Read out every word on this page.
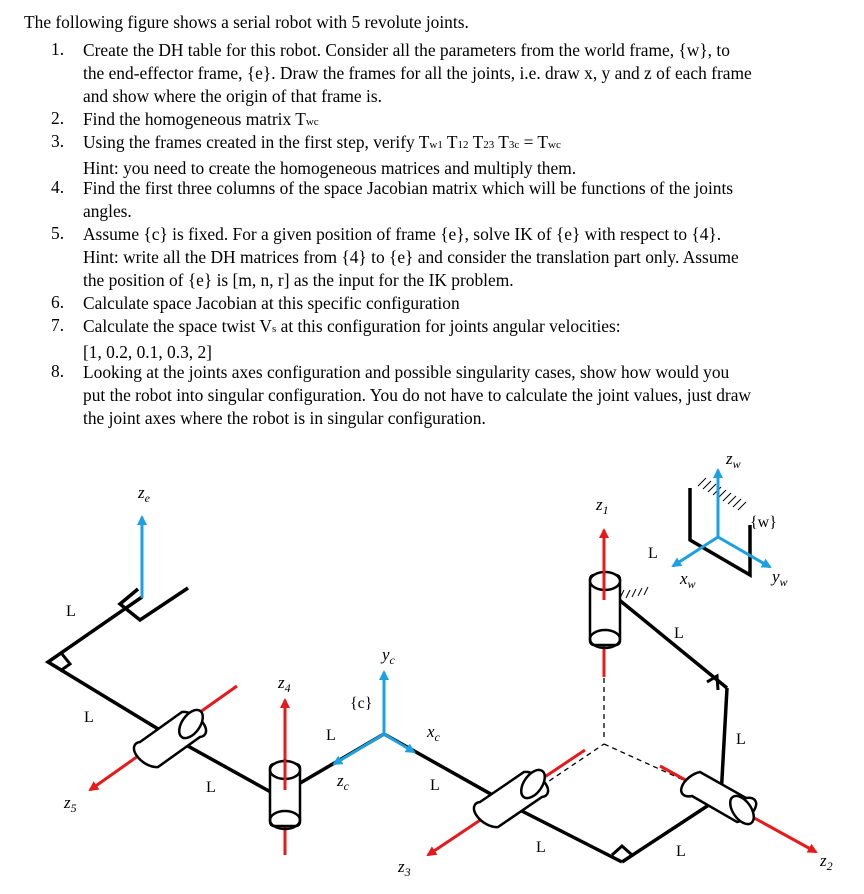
The following figure shows a serial robot with 5 revolute joints.
1.	Create the DH table for this robot. Consider all the parameters from the world frame, {w}, to
the end-effector frame, {e}. Draw the frames for all the joints, i.e. draw x, y and z of each frame
and show where the origin of that frame is.
2.	Find the homogeneous matrix Twc
3.	Using the frames created in the first step, verify Tw1 T12 T23 T3c = Twc
Hint: you need to create the homogeneous matrices and multiply them.
4.	Find the first three columns of the space Jacobian matrix which will be functions of the joints
angles.
5.	Assume {c} is fixed. For a given position of frame {e}, solve IK of {e} with respect to {4}.
Hint: write all the DH matrices from {4} to {e} and consider the translation part only. Assume
the position of {e} is [m, n, r] as the input for the IK problem.
6.	Calculate space Jacobian at this specific configuration
7.	Calculate the space twist Vs at this configuration for joints angular velocities:
[1, 0.2, 0.1, 0.3, 2]
8.	Looking at the joints axes configuration and possible singularity cases, show how would you
put the robot into singular configuration. You do not have to calculate the joint values, just draw
the joint axes where the robot is in singular configuration.
$z_e$	$z_1$
$z_w$
{w}
$x_w$	$y_w$
$z_4$
$y_c$
{c}
$x_c$
$z_c$
$z_5$
$z_3$
$z_2$
L
L
L
L
L
L	L
L
L
L
